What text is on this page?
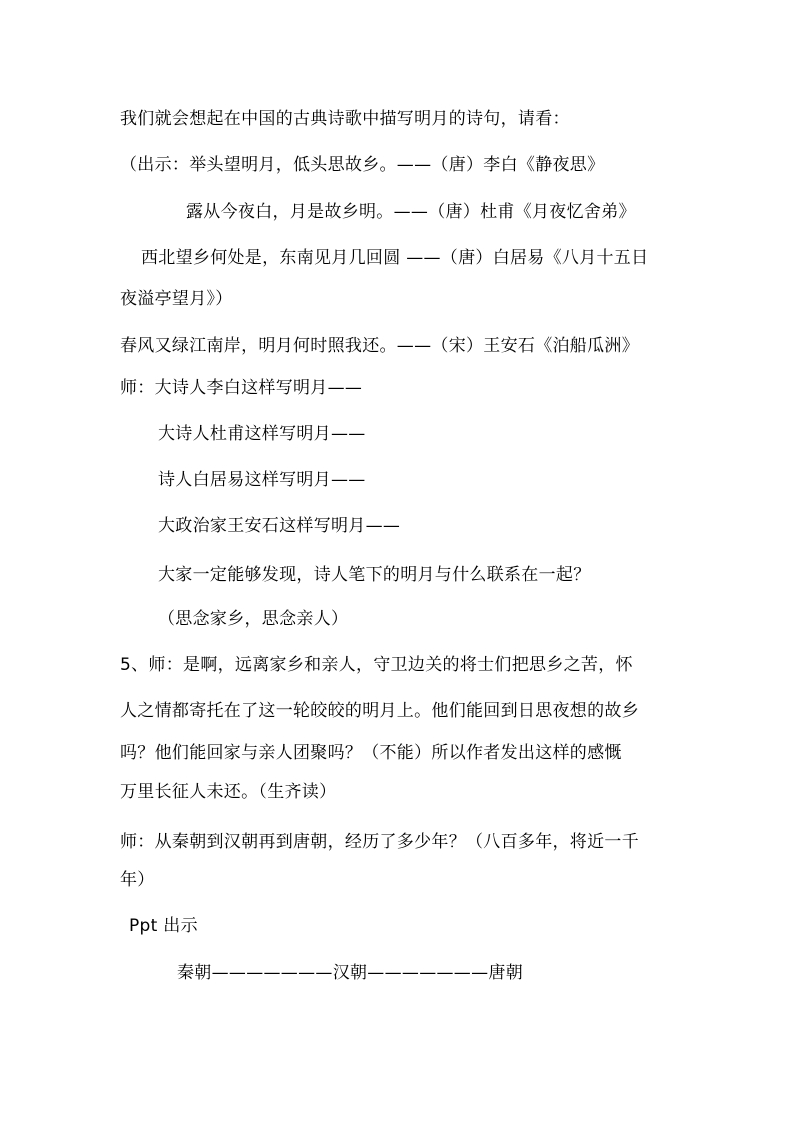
我们就会想起在中国的古典诗歌中描写明月的诗句，请看：
（出示：举头望明月，低头思故乡。——（唐）李白《静夜思》
露从今夜白，月是故乡明。——（唐）杜甫《月夜忆舍弟》
西北望乡何处是，东南见月几回圆 ——（唐）白居易《八月十五日
夜溢亭望月》）
春风又绿江南岸，明月何时照我还。——（宋）王安石《泊船瓜洲》
师：大诗人李白这样写明月——
大诗人杜甫这样写明月——
诗人白居易这样写明月——
大政治家王安石这样写明月——
大家一定能够发现，诗人笔下的明月与什么联系在一起？
（思念家乡，思念亲人）
5、师：是啊，远离家乡和亲人，守卫边关的将士们把思乡之苦，怀
人之情都寄托在了这一轮皎皎的明月上。他们能回到日思夜想的故乡
吗？他们能回家与亲人团聚吗？（不能）所以作者发出这样的感慨
万里长征人未还。（生齐读）
师：从秦朝到汉朝再到唐朝，经历了多少年？（八百多年，将近一千
年）
Ppt 出示
秦朝———————汉朝———————唐朝
